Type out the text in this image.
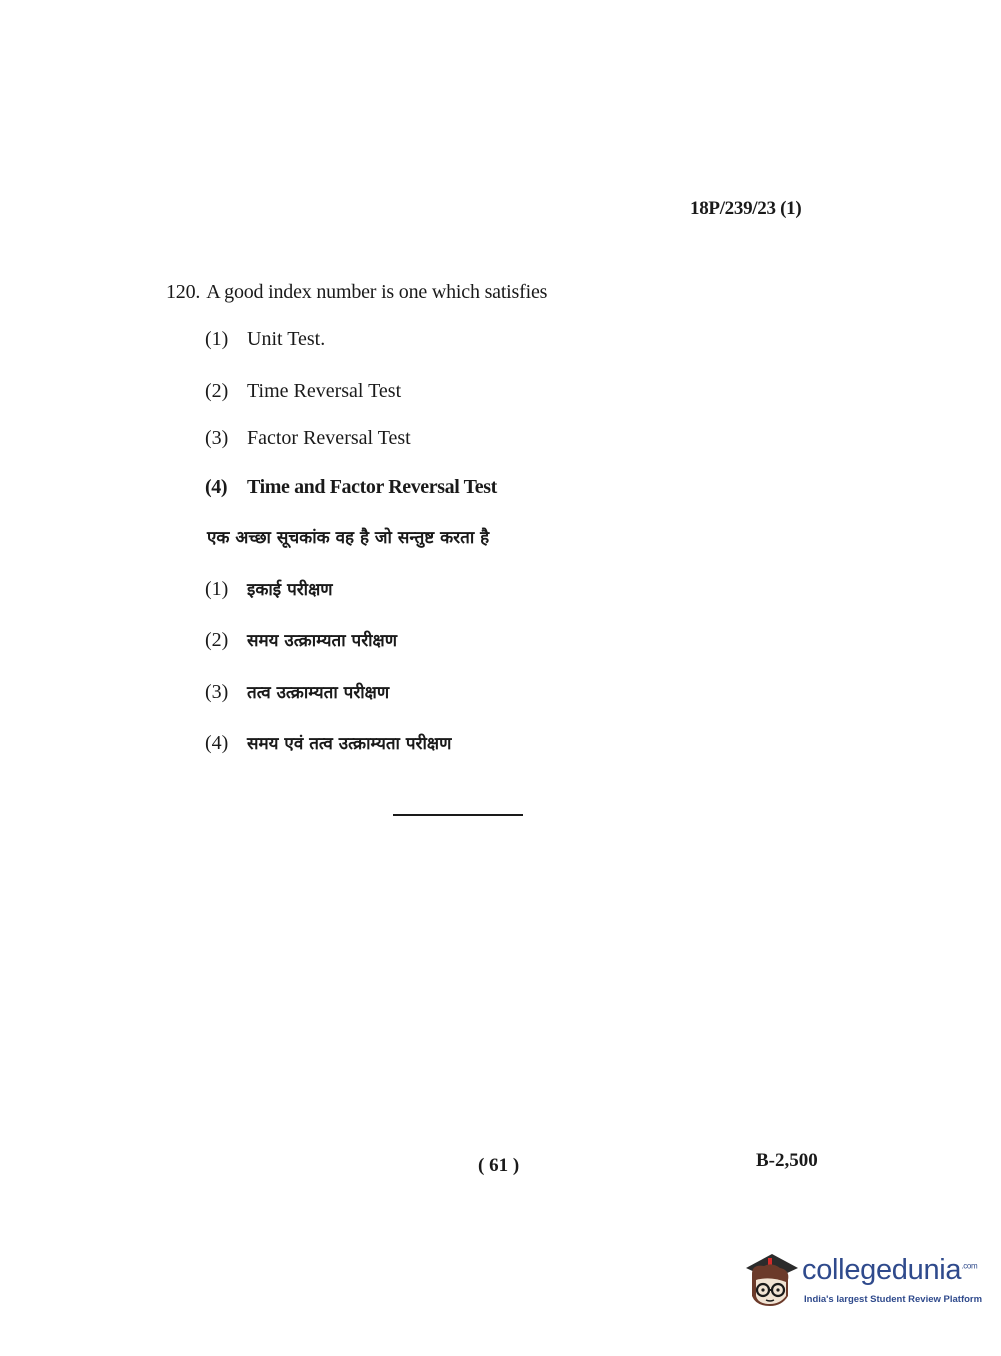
18P/239/23 (1)
120. A good index number is one which satisfies
(1) Unit Test.
(2) Time Reversal Test
(3) Factor Reversal Test
(4) Time and Factor Reversal Test
एक अच्छा सूचकांक वह है जो सन्तुष्ट करता है
(1) इकाई परीक्षण
(2) समय उत्क्राम्यता परीक्षण
(3) तत्व उत्क्राम्यता परीक्षण
(4) समय एवं तत्व उत्क्राम्यता परीक्षण
( 61 )	B-2,500
collegedunia$^{.com}$
India's largest Student Review Platform
